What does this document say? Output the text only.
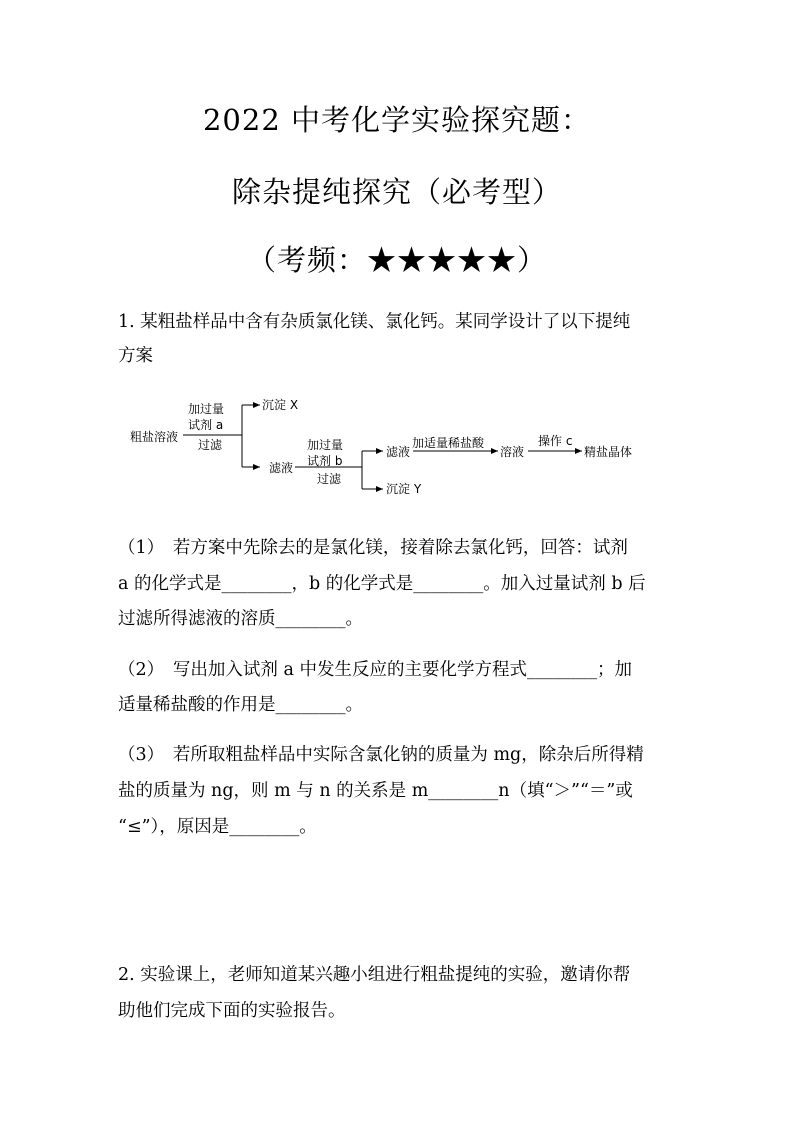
2022 中考化学实验探究题：
除杂提纯探究（必考型）
（考频：★★★★★）
1. 某粗盐样品中含有杂质氯化镁、氯化钙。某同学设计了以下提纯
方案
粗盐溶液
加过量
试剂 a
过滤
沉淀 X
滤液
加过量
试剂 b
过滤
滤液
沉淀 Y
加适量稀盐酸
溶液
操作 c
精盐晶体
（1）　若方案中先除去的是氯化镁，接着除去氯化钙，回答：试剂
a 的化学式是________，b 的化学式是________。加入过量试剂 b 后
过滤所得滤液的溶质________。
（2）　写出加入试剂 a 中发生反应的主要化学方程式________；加
适量稀盐酸的作用是________。
（3）　若所取粗盐样品中实际含氯化钠的质量为 mg，除杂后所得精
盐的质量为 ng，则 m 与 n 的关系是 m________n（填“＞”“＝”或
“≤”），原因是________。
2. 实验课上，老师知道某兴趣小组进行粗盐提纯的实验，邀请你帮
助他们完成下面的实验报告。
